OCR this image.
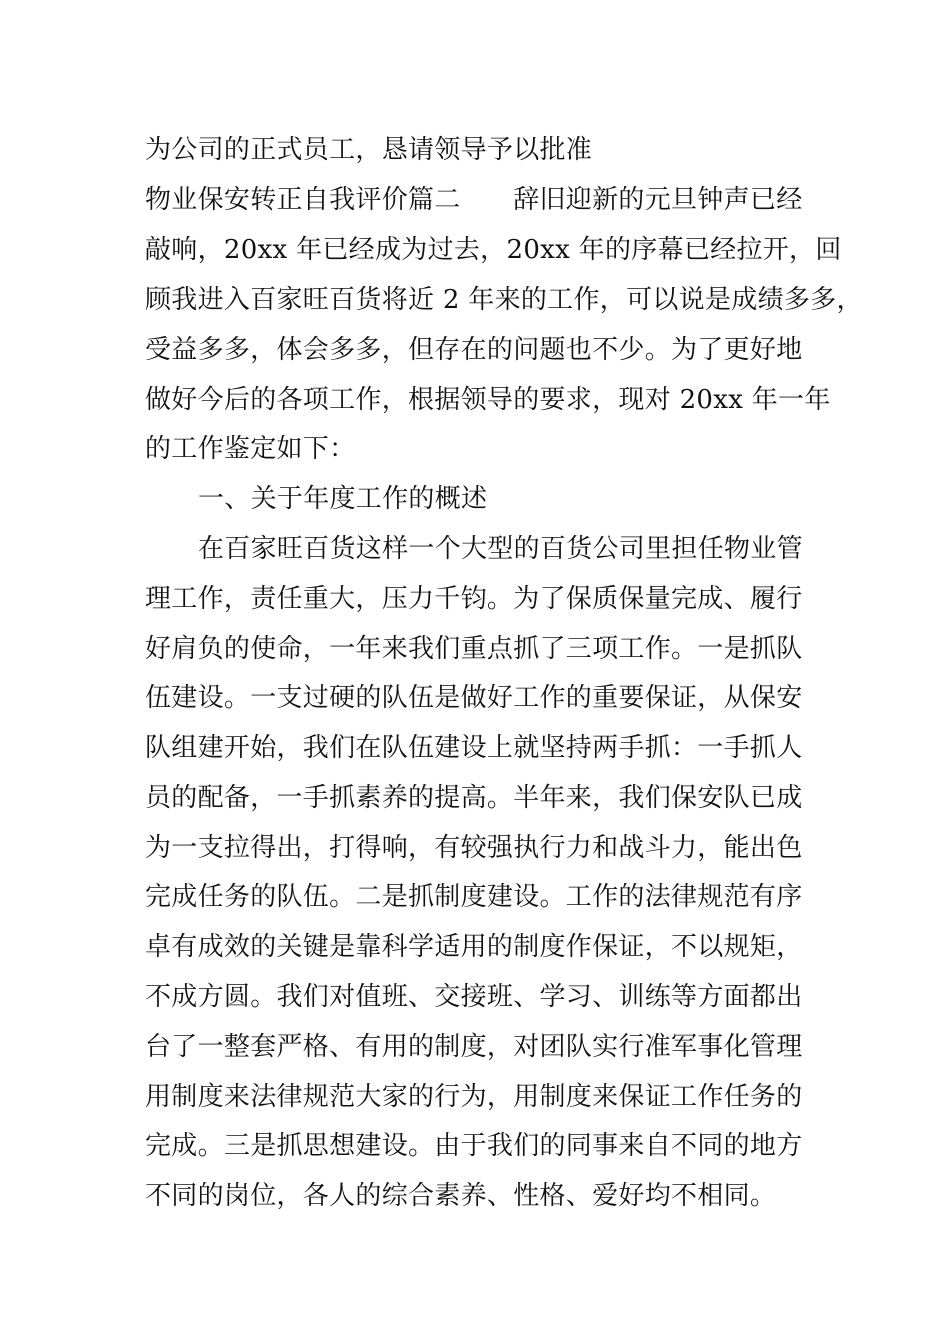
为公司的正式员工，恳请领导予以批准
物业保安转正自我评价篇二　　辞旧迎新的元旦钟声已经
敲响，20xx 年已经成为过去，20xx 年的序幕已经拉开，回
顾我进入百家旺百货将近 2 年来的工作，可以说是成绩多多，
受益多多，体会多多，但存在的问题也不少。为了更好地
做好今后的各项工作，根据领导的要求，现对 20xx 年一年
的工作鉴定如下：
一、关于年度工作的概述
在百家旺百货这样一个大型的百货公司里担任物业管
理工作，责任重大，压力千钧。为了保质保量完成、履行
好肩负的使命，一年来我们重点抓了三项工作。一是抓队
伍建设。一支过硬的队伍是做好工作的重要保证，从保安
队组建开始，我们在队伍建设上就坚持两手抓：一手抓人
员的配备，一手抓素养的提高。半年来，我们保安队已成
为一支拉得出，打得响，有较强执行力和战斗力，能出色
完成任务的队伍。二是抓制度建设。工作的法律规范有序
卓有成效的关键是靠科学适用的制度作保证，不以规矩，
不成方圆。我们对值班、交接班、学习、训练等方面都出
台了一整套严格、有用的制度，对团队实行准军事化管理
用制度来法律规范大家的行为，用制度来保证工作任务的
完成。三是抓思想建设。由于我们的同事来自不同的地方
不同的岗位，各人的综合素养、性格、爱好均不相同。
